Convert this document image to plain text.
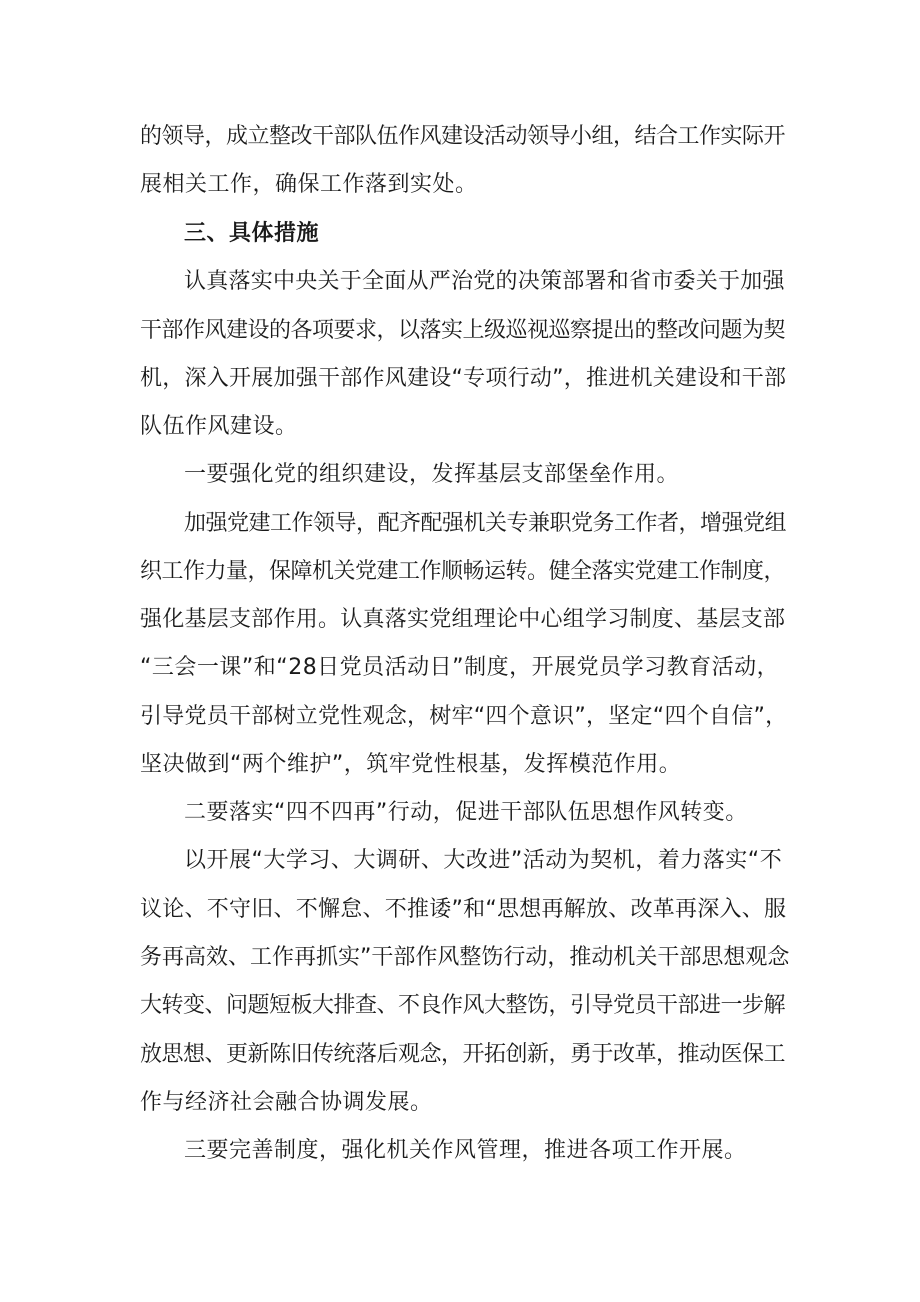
的领导，成立整改干部队伍作风建设活动领导小组，结合工作实际开
展相关工作，确保工作落到实处。
三、具体措施
认真落实中央关于全面从严治党的决策部署和省市委关于加强
干部作风建设的各项要求，以落实上级巡视巡察提出的整改问题为契
机，深入开展加强干部作风建设“专项行动”，推进机关建设和干部
队伍作风建设。
一要强化党的组织建设，发挥基层支部堡垒作用。
加强党建工作领导，配齐配强机关专兼职党务工作者，增强党组
织工作力量，保障机关党建工作顺畅运转。健全落实党建工作制度，
强化基层支部作用。认真落实党组理论中心组学习制度、基层支部
“三会一课”和“28日党员活动日”制度，开展党员学习教育活动，
引导党员干部树立党性观念，树牢“四个意识”，坚定“四个自信”，
坚决做到“两个维护”，筑牢党性根基，发挥模范作用。
二要落实“四不四再”行动，促进干部队伍思想作风转变。
以开展“大学习、大调研、大改进”活动为契机，着力落实“不
议论、不守旧、不懈怠、不推诿”和“思想再解放、改革再深入、服
务再高效、工作再抓实”干部作风整饬行动，推动机关干部思想观念
大转变、问题短板大排查、不良作风大整饬，引导党员干部进一步解
放思想、更新陈旧传统落后观念，开拓创新，勇于改革，推动医保工
作与经济社会融合协调发展。
三要完善制度，强化机关作风管理，推进各项工作开展。
